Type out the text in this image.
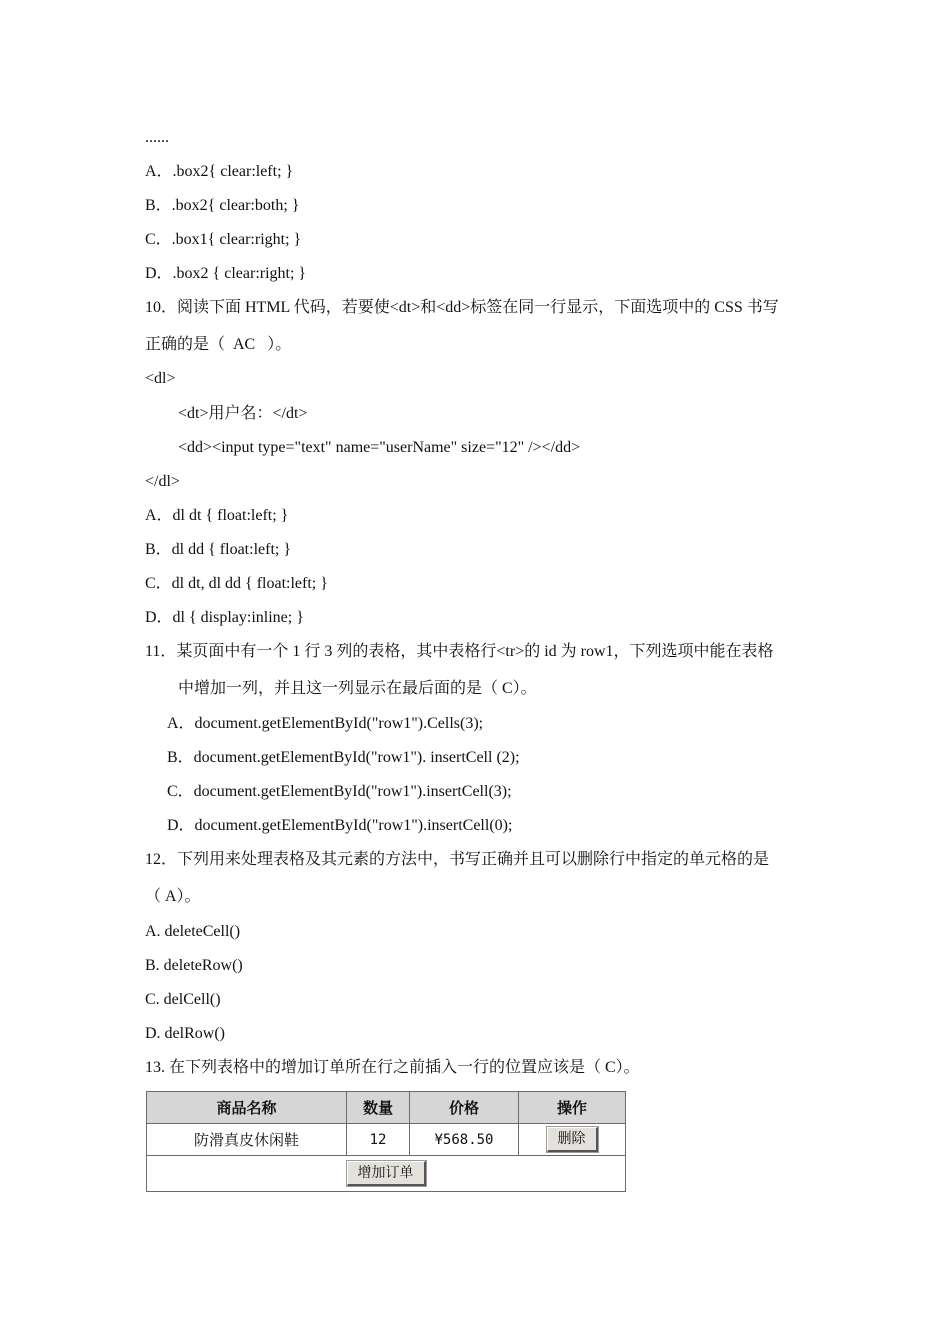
......
A．.box2{ clear:left; }
B．.box2{ clear:both; }
C．.box1{ clear:right; }
D．.box2 { clear:right; }
10．阅读下面 HTML 代码，若要使<dt>和<dd>标签在同一行显示，下面选项中的 CSS 书写
正确的是（  AC   ）。
<dl>
<dt>用户名：</dt>
<dd><input type="text" name="userName" size="12" /></dd>
</dl>
A．dl dt { float:left; }
B．dl dd { float:left; }
C．dl dt, dl dd { float:left; }
D．dl { display:inline; }
11．某页面中有一个 1 行 3 列的表格，其中表格行<tr>的 id 为 row1，下列选项中能在表格
中增加一列，并且这一列显示在最后面的是（ C）。
A．document.getElementById("row1").Cells(3);
B．document.getElementById("row1"). insertCell (2);
C．document.getElementById("row1").insertCell(3);
D．document.getElementById("row1").insertCell(0);
12．下列用来处理表格及其元素的方法中，书写正确并且可以删除行中指定的单元格的是
（ A）。
A. deleteCell()
B. deleteRow()
C. delCell()
D. delRow()
13. 在下列表格中的增加订单所在行之前插入一行的位置应该是（ C）。
商品名称	数量	价格	操作
防滑真皮休闲鞋	12	¥568.50	删除
增加订单			
